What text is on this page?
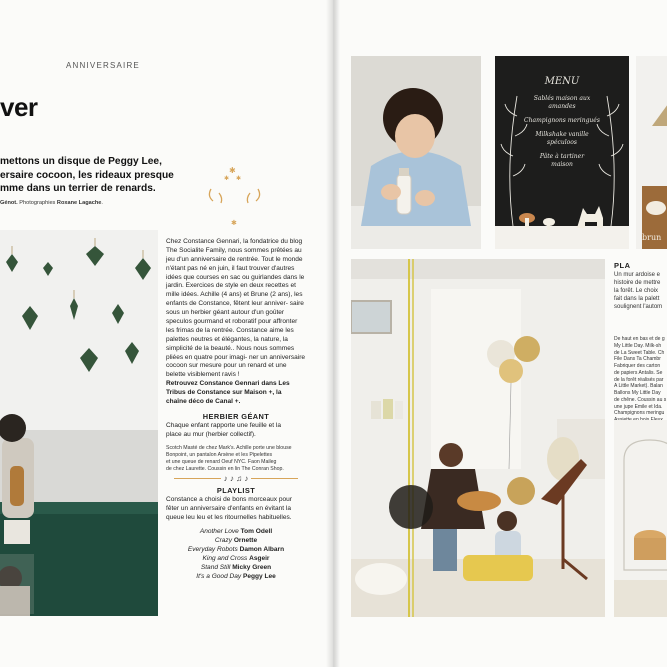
ANNIVERSAIRE
ver
mettons un disque de Peggy Lee,
ersaire cocoon, les rideaux presque
mme dans un terrier de renards.
Génot. Photographies Roxane Lagache.
✱
✱ ✱
✱

Chez Constance Gennari, la fondatrice du blog The Socialite Family, nous sommes prêtées au jeu d'un anniversaire de rentrée. Tout le monde n'étant pas né en juin, il faut trouver d'autres idées que courses en sac ou guirlandes dans le jardin. Exercices de style en deux recettes et mille idées. Achille (4 ans) et Brune (2 ans), les enfants de Constance, fêtent leur anniver- saire sous un herbier géant autour d'un goûter speculos gourmand et roboratif pour affronter les frimas de la rentrée. Constance aime les palettes neutres et élégantes, la nature, la simplicité de la beauté.. Nous nous sommes pliées en quatre pour imagi- ner un anniversaire cocoon sur mesure pour un renard et une belette visiblement ravis !

Retrouvez Constance Gennari dans Les
Tribus de Constance sur Maison +, la
chaîne déco de Canal +.
HERBIER GÉANT
Chaque enfant rapporte une feuille et la
place au mur (herbier collectif).
Scotch Masté de chez Mark's. Achille porte une blouse
Bonpoint, un pantalon Arsène et les Pipelettes
et une queue de renard Oeuf NYC. Faon Maileg
de chez Laurette. Coussin en lin The Conran Shop.
♪ ♪ ♫ ♪
PLAYLIST
Constance a choisi de bons morceaux pour
fêter un anniversaire d'enfants en évitant la
queue leu leu et les ritournelles habituelles.
Another Love Tom Odell
Crazy Ornette
Everyday Robots Damon Albarn
King and Cross Asgeir
Stand Still Micky Green
It's a Good Day Peggy Lee
MENU
Sablés maison aux
amandes
Champignons meringués
Milkshake vanille
spéculoos
Pâte à tartiner
maison
brun
PLA
Un mur ardoise e
histoire de mettre
la forêt. Le choix
fait dans la palett
soulignent l'autom
De haut en bas et de g
My Little Day. Milk-sh
de La Sweet Table. Ch
File Dans Ta Chambr
Fabriquer des carton
de papiers Antalis. Se
de la forêt réalisés par
A Little Market). Balan
Ballons My Little Day
de chêne. Coussin au s
une jupe Emile et Ida.
Champignons meringu
